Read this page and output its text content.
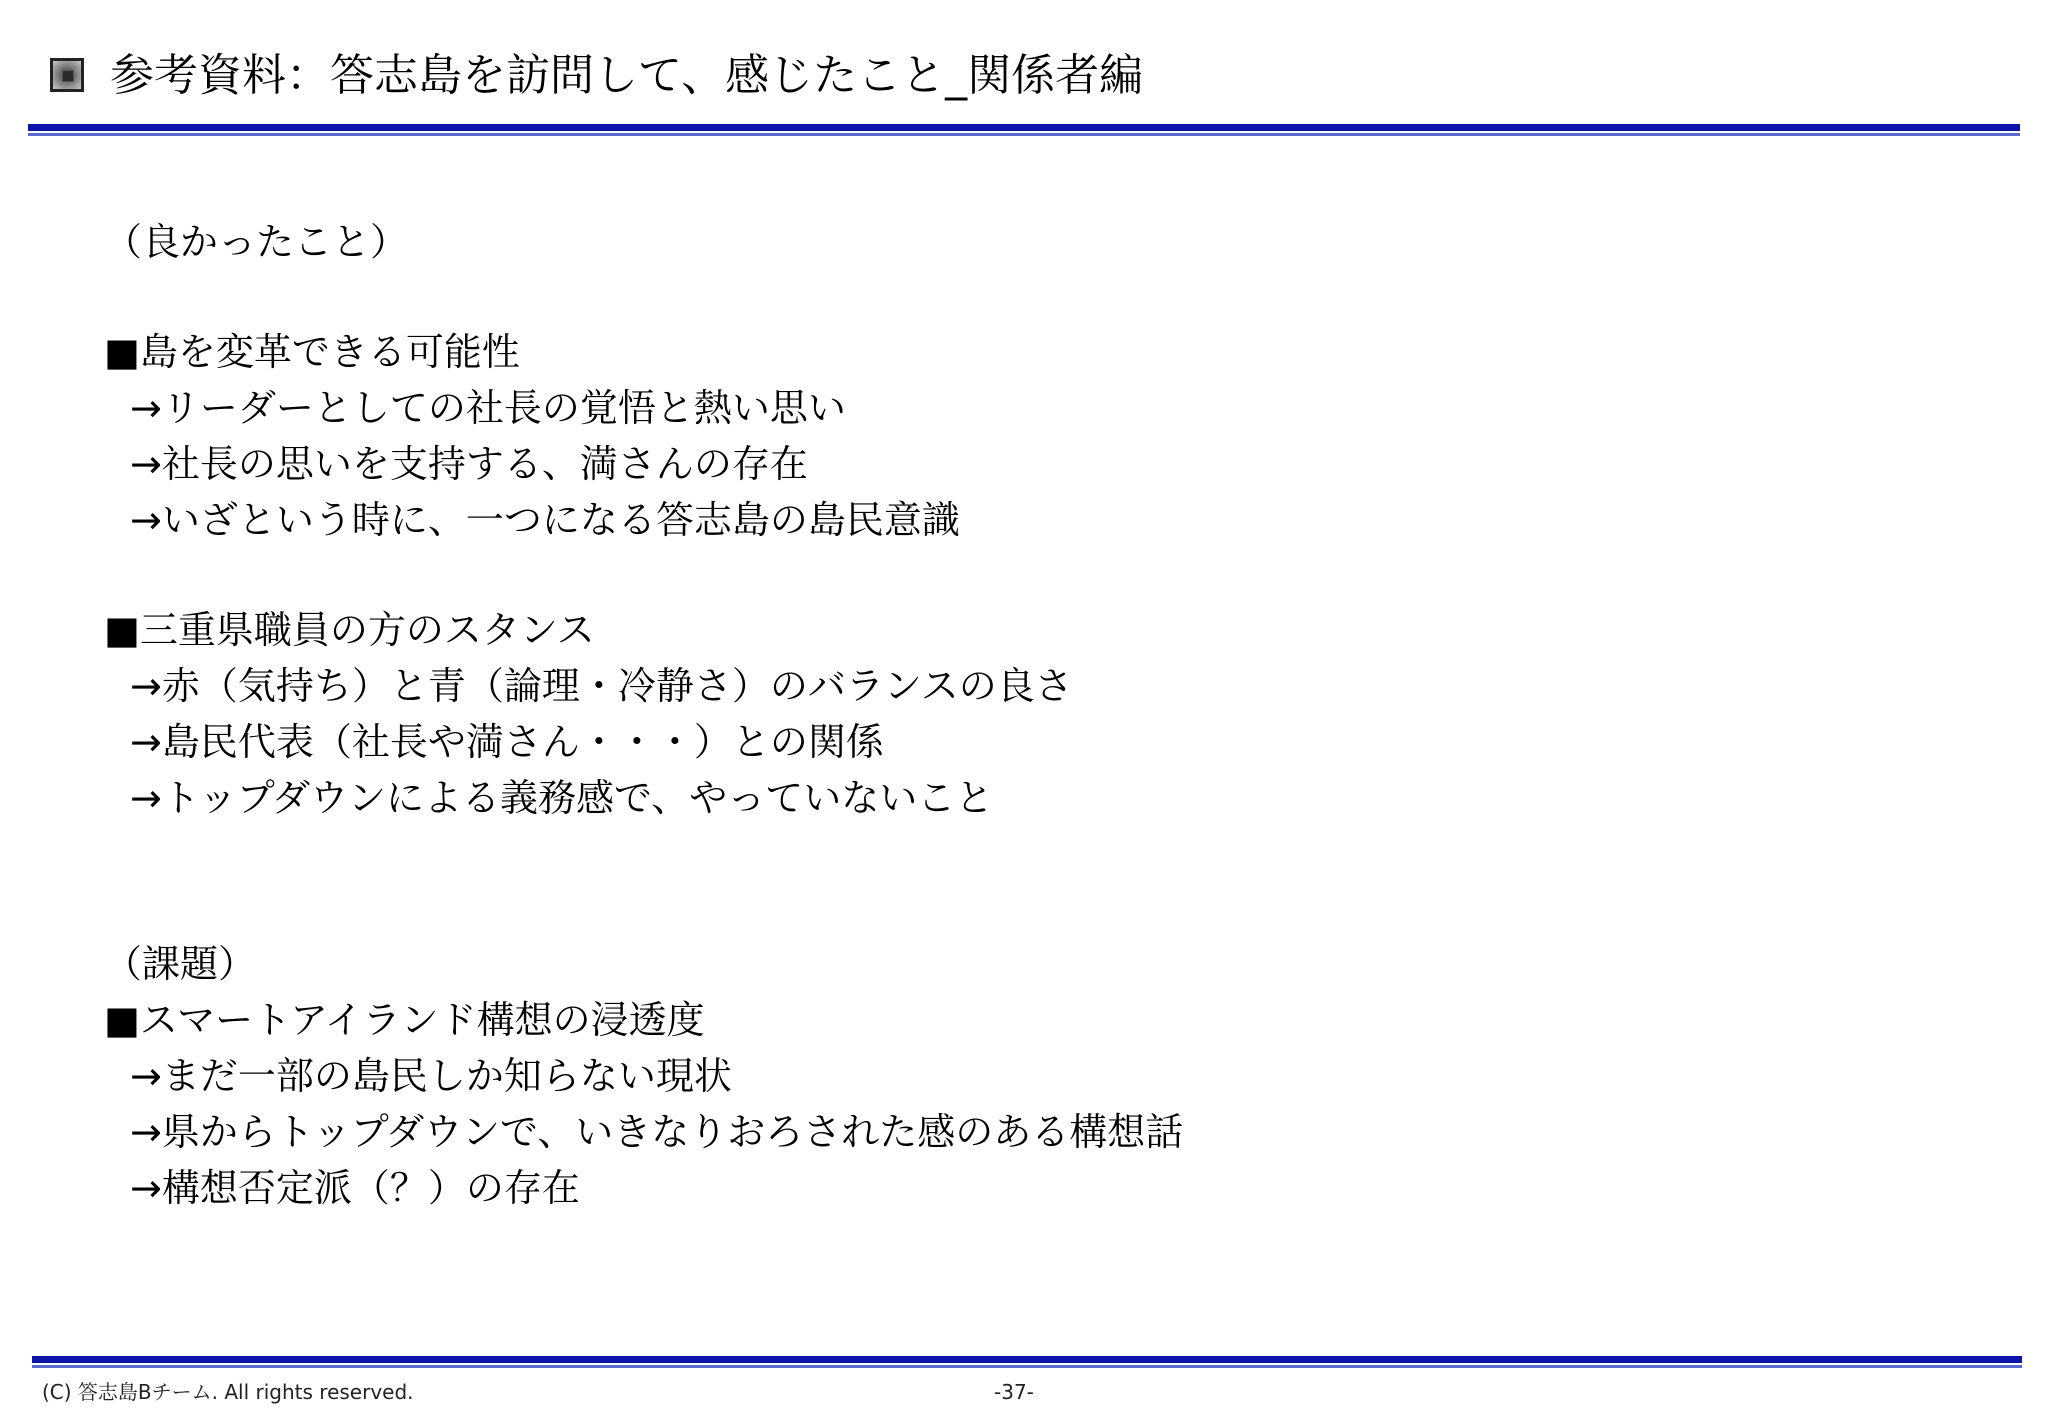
参考資料：答志島を訪問して、感じたこと_関係者編
（良かったこと）
■島を変革できる可能性
→リーダーとしての社長の覚悟と熱い思い
→社長の思いを支持する、満さんの存在
→いざという時に、一つになる答志島の島民意識
■三重県職員の方のスタンス
→赤（気持ち）と青（論理・冷静さ）のバランスの良さ
→島民代表（社長や満さん・・・）との関係
→トップダウンによる義務感で、やっていないこと
（課題）
■スマートアイランド構想の浸透度
→まだ一部の島民しか知らない現状
→県からトップダウンで、いきなりおろされた感のある構想話
→構想否定派（？）の存在
(C) 答志島Bチーム. All rights reserved.	-37-
